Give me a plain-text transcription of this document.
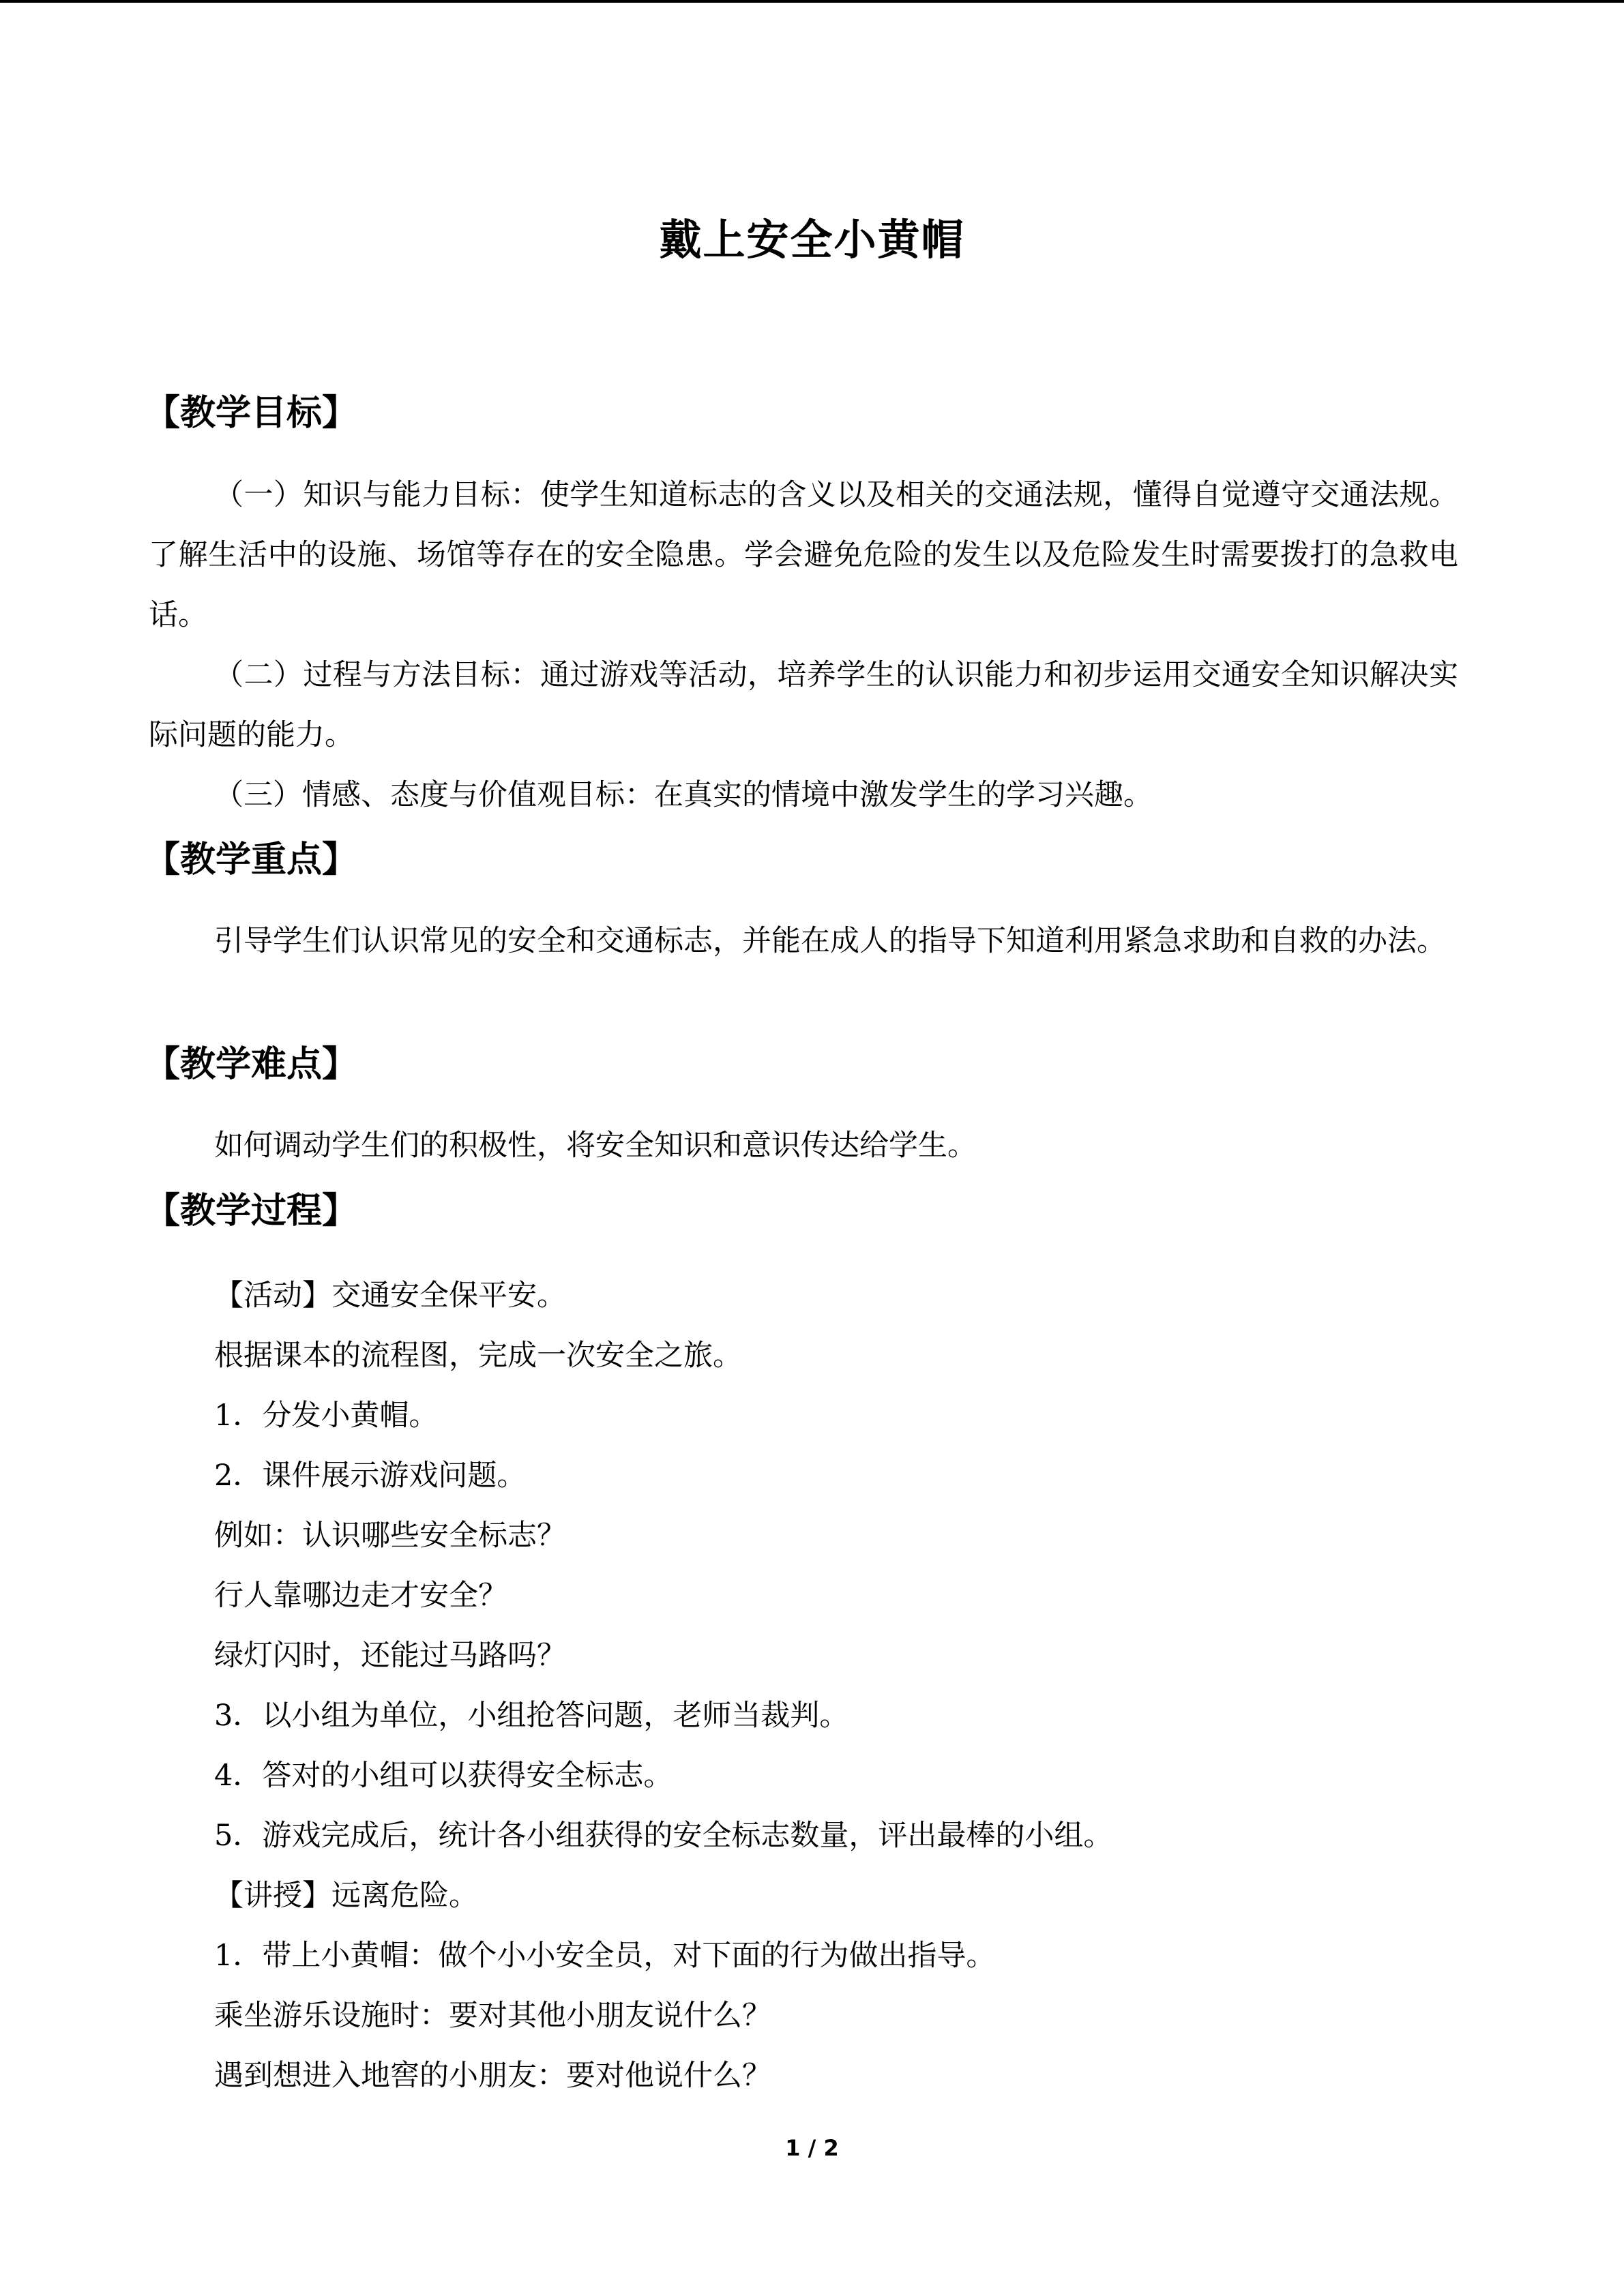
戴上安全小黄帽
【教学目标】

（一）知识与能力目标：使学生知道标志的含义以及相关的交通法规，懂得自觉遵守交通法规。了解生活中的设施、场馆等存在的安全隐患。学会避免危险的发生以及危险发生时需要拨打的急救电话。

（二）过程与方法目标：通过游戏等活动，培养学生的认识能力和初步运用交通安全知识解决实际问题的能力。

（三）情感、态度与价值观目标：在真实的情境中激发学生的学习兴趣。

【教学重点】

引导学生们认识常见的安全和交通标志，并能在成人的指导下知道利用紧急求助和自救的办法。

【教学难点】

如何调动学生们的积极性，将安全知识和意识传达给学生。

【教学过程】

【活动】交通安全保平安。

根据课本的流程图，完成一次安全之旅。

1．分发小黄帽。

2．课件展示游戏问题。

例如：认识哪些安全标志？

行人靠哪边走才安全？

绿灯闪时，还能过马路吗？

3．以小组为单位，小组抢答问题，老师当裁判。

4．答对的小组可以获得安全标志。

5．游戏完成后，统计各小组获得的安全标志数量，评出最棒的小组。

【讲授】远离危险。

1．带上小黄帽：做个小小安全员，对下面的行为做出指导。

乘坐游乐设施时：要对其他小朋友说什么？

遇到想进入地窖的小朋友：要对他说什么？

1 / 2
